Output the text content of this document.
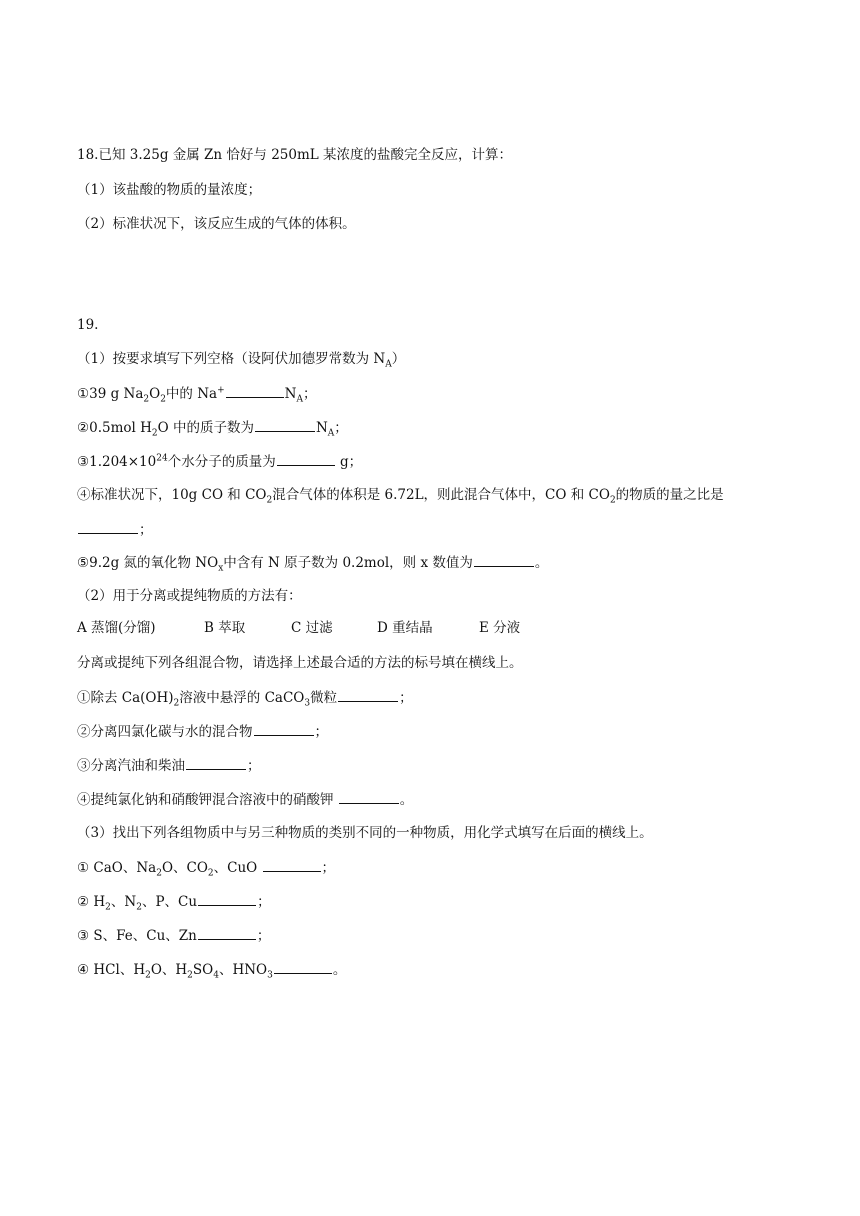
18.已知 3.25g 金属 Zn 恰好与 250mL 某浓度的盐酸完全反应，计算：
（1）该盐酸的物质的量浓度；
（2）标准状况下，该反应生成的气体的体积。
19.
（1）按要求填写下列空格（设阿伏加德罗常数为 $N_A$）
①39 g $Na_2O_2$中的 Na+	$N_A$；
②0.5mol $H_2O$ 中的质子数为	$N_A$；
$③1.204\times 10^{24}$个水分子的质量为	g；
④标准状况下，10g CO 和 $CO_2$混合气体的体积是 6.72L，则此混合气体中，CO 和 $CO_2$的物质的量之比是
；
⑤9.2g 氮的氧化物 $NO_x$中含有 N 原子数为 0.2mol，则 x 数值为	。
（2）用于分离或提纯物质的方法有：
A 蒸馏(分馏)	B 萃取	C 过滤	D 重结晶	E 分液
分离或提纯下列各组混合物，请选择上述最合适的方法的标号填在横线上。
①除去 $Ca(OH)_2$溶液中悬浮的 CaCO$_3$微粒	；
②分离四氯化碳与水的混合物	；
③分离汽油和柴油	；
④提纯氯化钠和硝酸钾混合溶液中的硝酸钾	。
（3）找出下列各组物质中与另三种物质的类别不同的一种物质，用化学式填写在后面的横线上。
① CaO、$Na_2O$、$CO_2$、CuO	；
② $H_2$、$N_2$、P、Cu	；
③ S、Fe、Cu、Zn	；
④ HCl、$H_2O$、$H_2SO_4$、$HNO_3$	。
